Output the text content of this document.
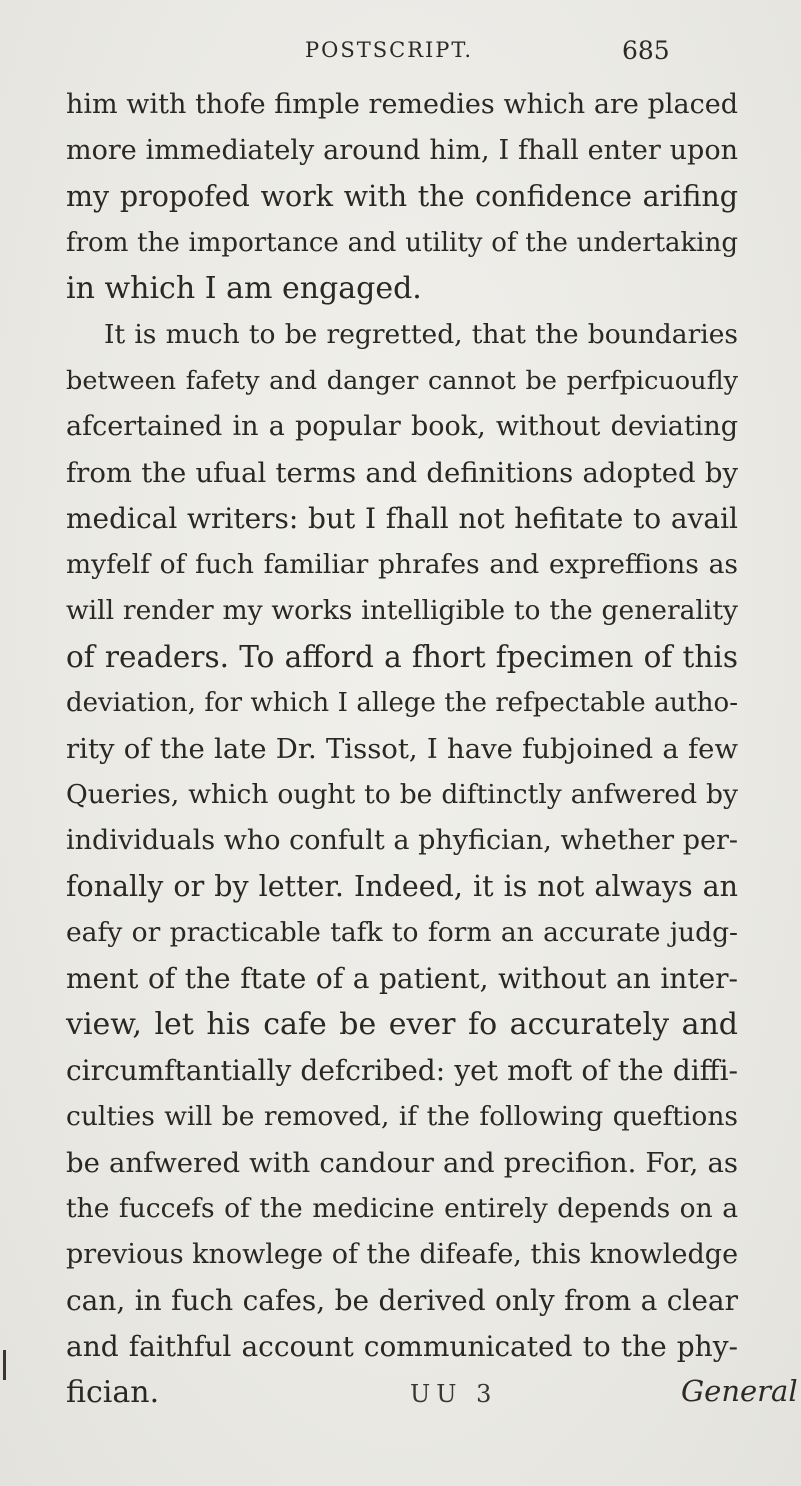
POSTSCRIPT.	685
him with thofe fimple remedies which are placed
more immediately around him, I fhall enter upon
my propofed work with the confidence arifing
from the importance and utility of the undertaking
in which I am engaged.
It is much to be regretted, that the boundaries
between fafety and danger cannot be perfpicuoufly
afcertained in a popular book, without deviating
from the ufual terms and definitions adopted by
medical writers: but I fhall not hefitate to avail
myfelf of fuch familiar phrafes and expreffions as
will render my works intelligible to the generality
of readers. To afford a fhort fpecimen of this
deviation, for which I allege the refpectable autho-
rity of the late Dr. Tissot, I have fubjoined a few
Queries, which ought to be diftinctly anfwered by
individuals who confult a phyfician, whether per-
fonally or by letter. Indeed, it is not always an
eafy or practicable tafk to form an accurate judg-
ment of the ftate of a patient, without an inter-
view, let his cafe be ever fo accurately and
circumftantially defcribed: yet moft of the diffi-
culties will be removed, if the following queftions
be anfwered with candour and precifion. For, as
the fuccefs of the medicine entirely depends on a
previous knowlege of the difeafe, this knowledge
can, in fuch cafes, be derived only from a clear
and faithful account communicated to the phy-
fician.	UU 3	General
